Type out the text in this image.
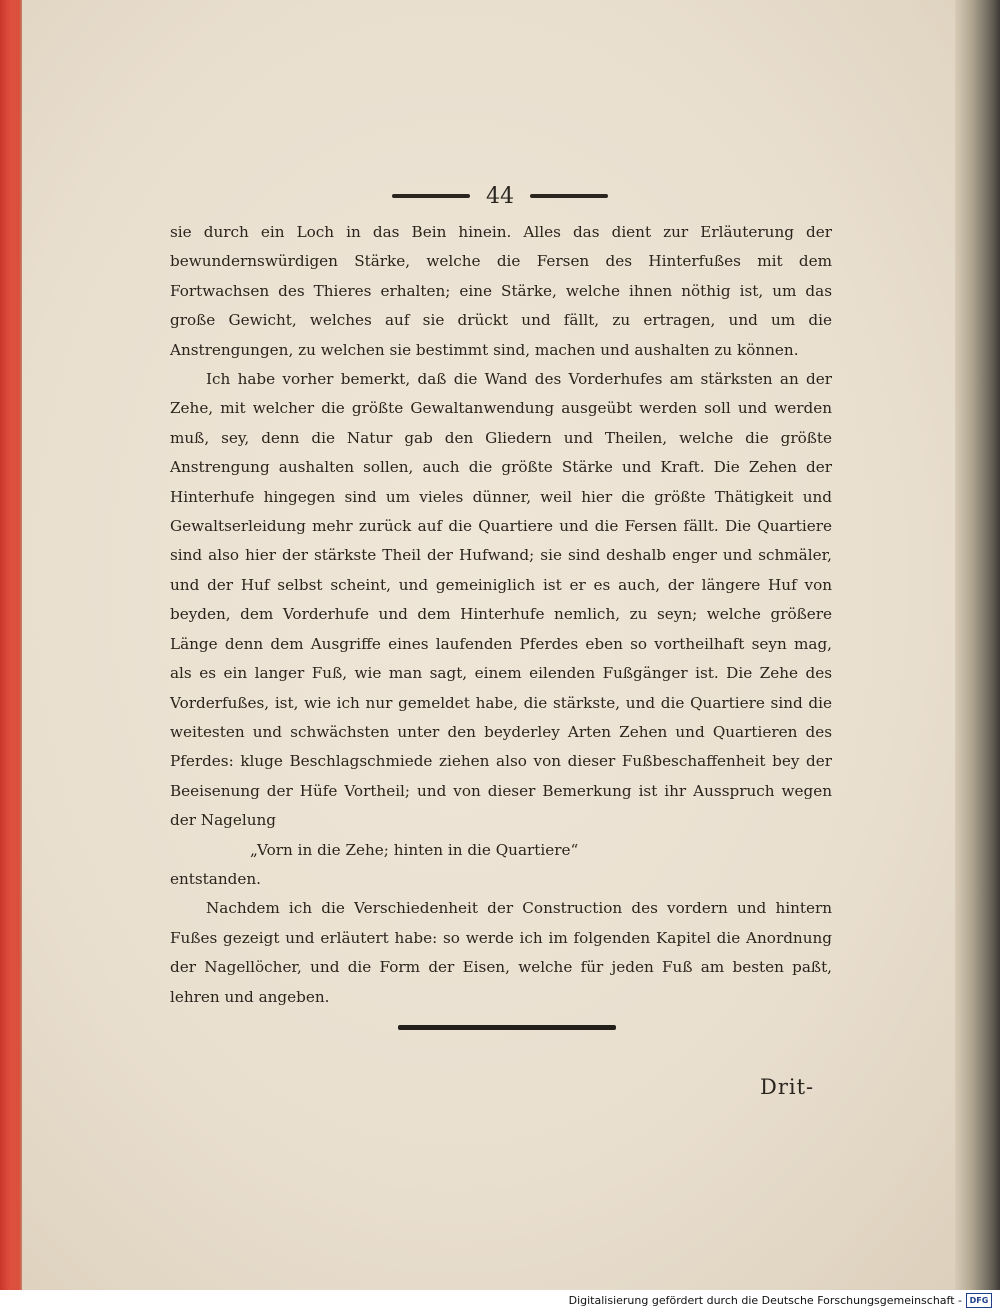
44

sie durch ein Loch in das Bein hinein. Alles das dient zur Erläuterung der bewundernswürdigen Stärke, welche die Fersen des Hinterfußes mit dem Fortwachsen des Thieres erhalten; eine Stärke, welche ihnen nöthig ist, um das große Gewicht, welches auf sie drückt und fällt, zu ertragen, und um die Anstrengungen, zu welchen sie bestimmt sind, machen und aushalten zu können.

Ich habe vorher bemerkt, daß die Wand des Vorderhufes am stärksten an der Zehe, mit welcher die größte Gewaltanwendung ausgeübt werden soll und werden muß, sey, denn die Natur gab den Gliedern und Theilen, welche die größte Anstrengung aushalten sollen, auch die größte Stärke und Kraft. Die Zehen der Hinterhufe hingegen sind um vieles dünner, weil hier die größte Thätigkeit und Gewaltserleidung mehr zurück auf die Quartiere und die Fersen fällt. Die Quartiere sind also hier der stärkste Theil der Hufwand; sie sind deshalb enger und schmäler, und der Huf selbst scheint, und gemeiniglich ist er es auch, der längere Huf von beyden, dem Vorderhufe und dem Hinterhufe nemlich, zu seyn; welche größere Länge denn dem Ausgriffe eines laufenden Pferdes eben so vortheilhaft seyn mag, als es ein langer Fuß, wie man sagt, einem eilenden Fußgänger ist. Die Zehe des Vorderfußes, ist, wie ich nur gemeldet habe, die stärkste, und die Quartiere sind die weitesten und schwächsten unter den beyderley Arten Zehen und Quartieren des Pferdes: kluge Beschlagschmiede ziehen also von dieser Fußbeschaffenheit bey der Beeisenung der Hüfe Vortheil; und von dieser Bemerkung ist ihr Ausspruch wegen der Nagelung

„Vorn in die Zehe; hinten in die Quartiere“

entstanden.

Nachdem ich die Verschiedenheit der Construction des vordern und hintern Fußes gezeigt und erläutert habe: so werde ich im folgenden Kapitel die Anordnung der Nagellöcher, und die Form der Eisen, welche für jeden Fuß am besten paßt, lehren und angeben.

Drit-
Digitalisierung gefördert durch die Deutsche Forschungsgemeinschaft - DFG
